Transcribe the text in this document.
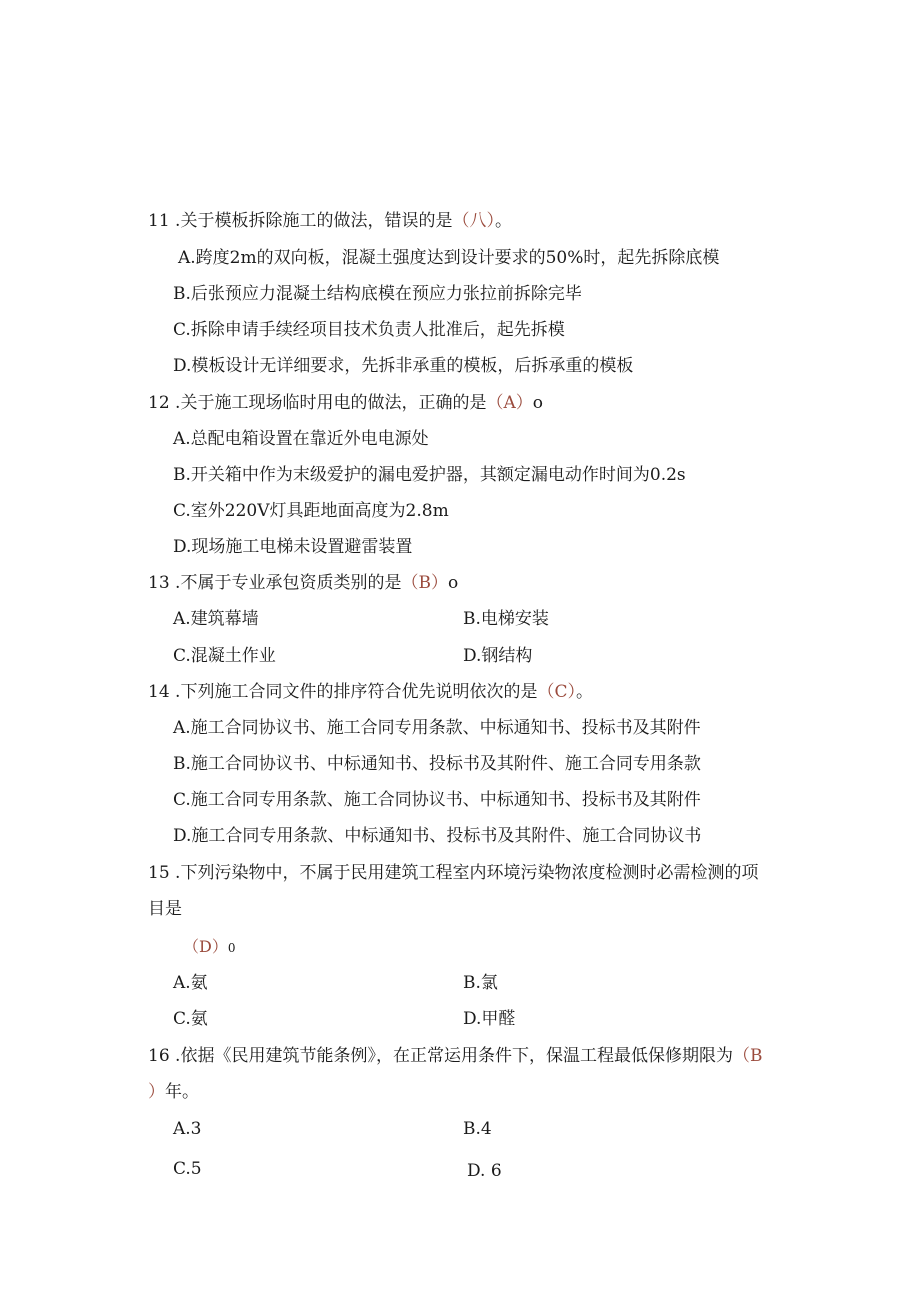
11 .关于模板拆除施工的做法，错误的是（八）。
A.跨度2m的双向板，混凝土强度达到设计要求的50%时，起先拆除底模
B.后张预应力混凝土结构底模在预应力张拉前拆除完毕
C.拆除申请手续经项目技术负责人批准后，起先拆模
D.模板设计无详细要求，先拆非承重的模板，后拆承重的模板
12 .关于施工现场临时用电的做法，正确的是（A）o
A.总配电箱设置在靠近外电电源处
B.开关箱中作为末级爱护的漏电爱护器，其额定漏电动作时间为0.2s
C.室外220V灯具距地面高度为2.8m
D.现场施工电梯未设置避雷装置
13 .不属于专业承包资质类别的是（B）o
A.建筑幕墙	B.电梯安装
C.混凝土作业	D.钢结构
14 .下列施工合同文件的排序符合优先说明依次的是（C）。
A.施工合同协议书、施工合同专用条款、中标通知书、投标书及其附件
B.施工合同协议书、中标通知书、投标书及其附件、施工合同专用条款
C.施工合同专用条款、施工合同协议书、中标通知书、投标书及其附件
D.施工合同专用条款、中标通知书、投标书及其附件、施工合同协议书
15 .下列污染物中，不属于民用建筑工程室内环境污染物浓度检测时必需检测的项
目是
（D）0
A.氨	B.氯
C.氨	D.甲醛
16 .依据《民用建筑节能条例》，在正常运用条件下，保温工程最低保修期限为（B
）年。
A.3	B.4
C.5	D. 6
